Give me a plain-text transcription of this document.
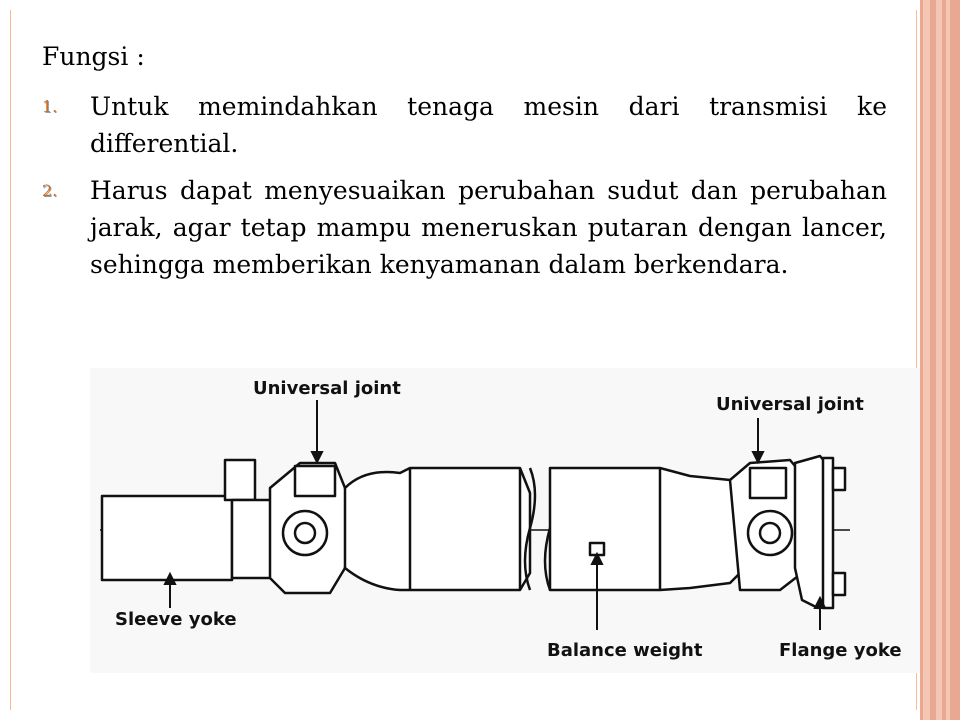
Fungsi :
1.	Untuk memindahkan tenaga mesin dari transmisi ke differential.
2.	Harus dapat menyesuaikan perubahan sudut dan perubahan jarak, agar tetap mampu meneruskan putaran dengan lancer, sehingga memberikan kenyamanan dalam berkendara.
Universal joint
Universal joint
Sleeve yoke
Balance weight	Flange yoke
